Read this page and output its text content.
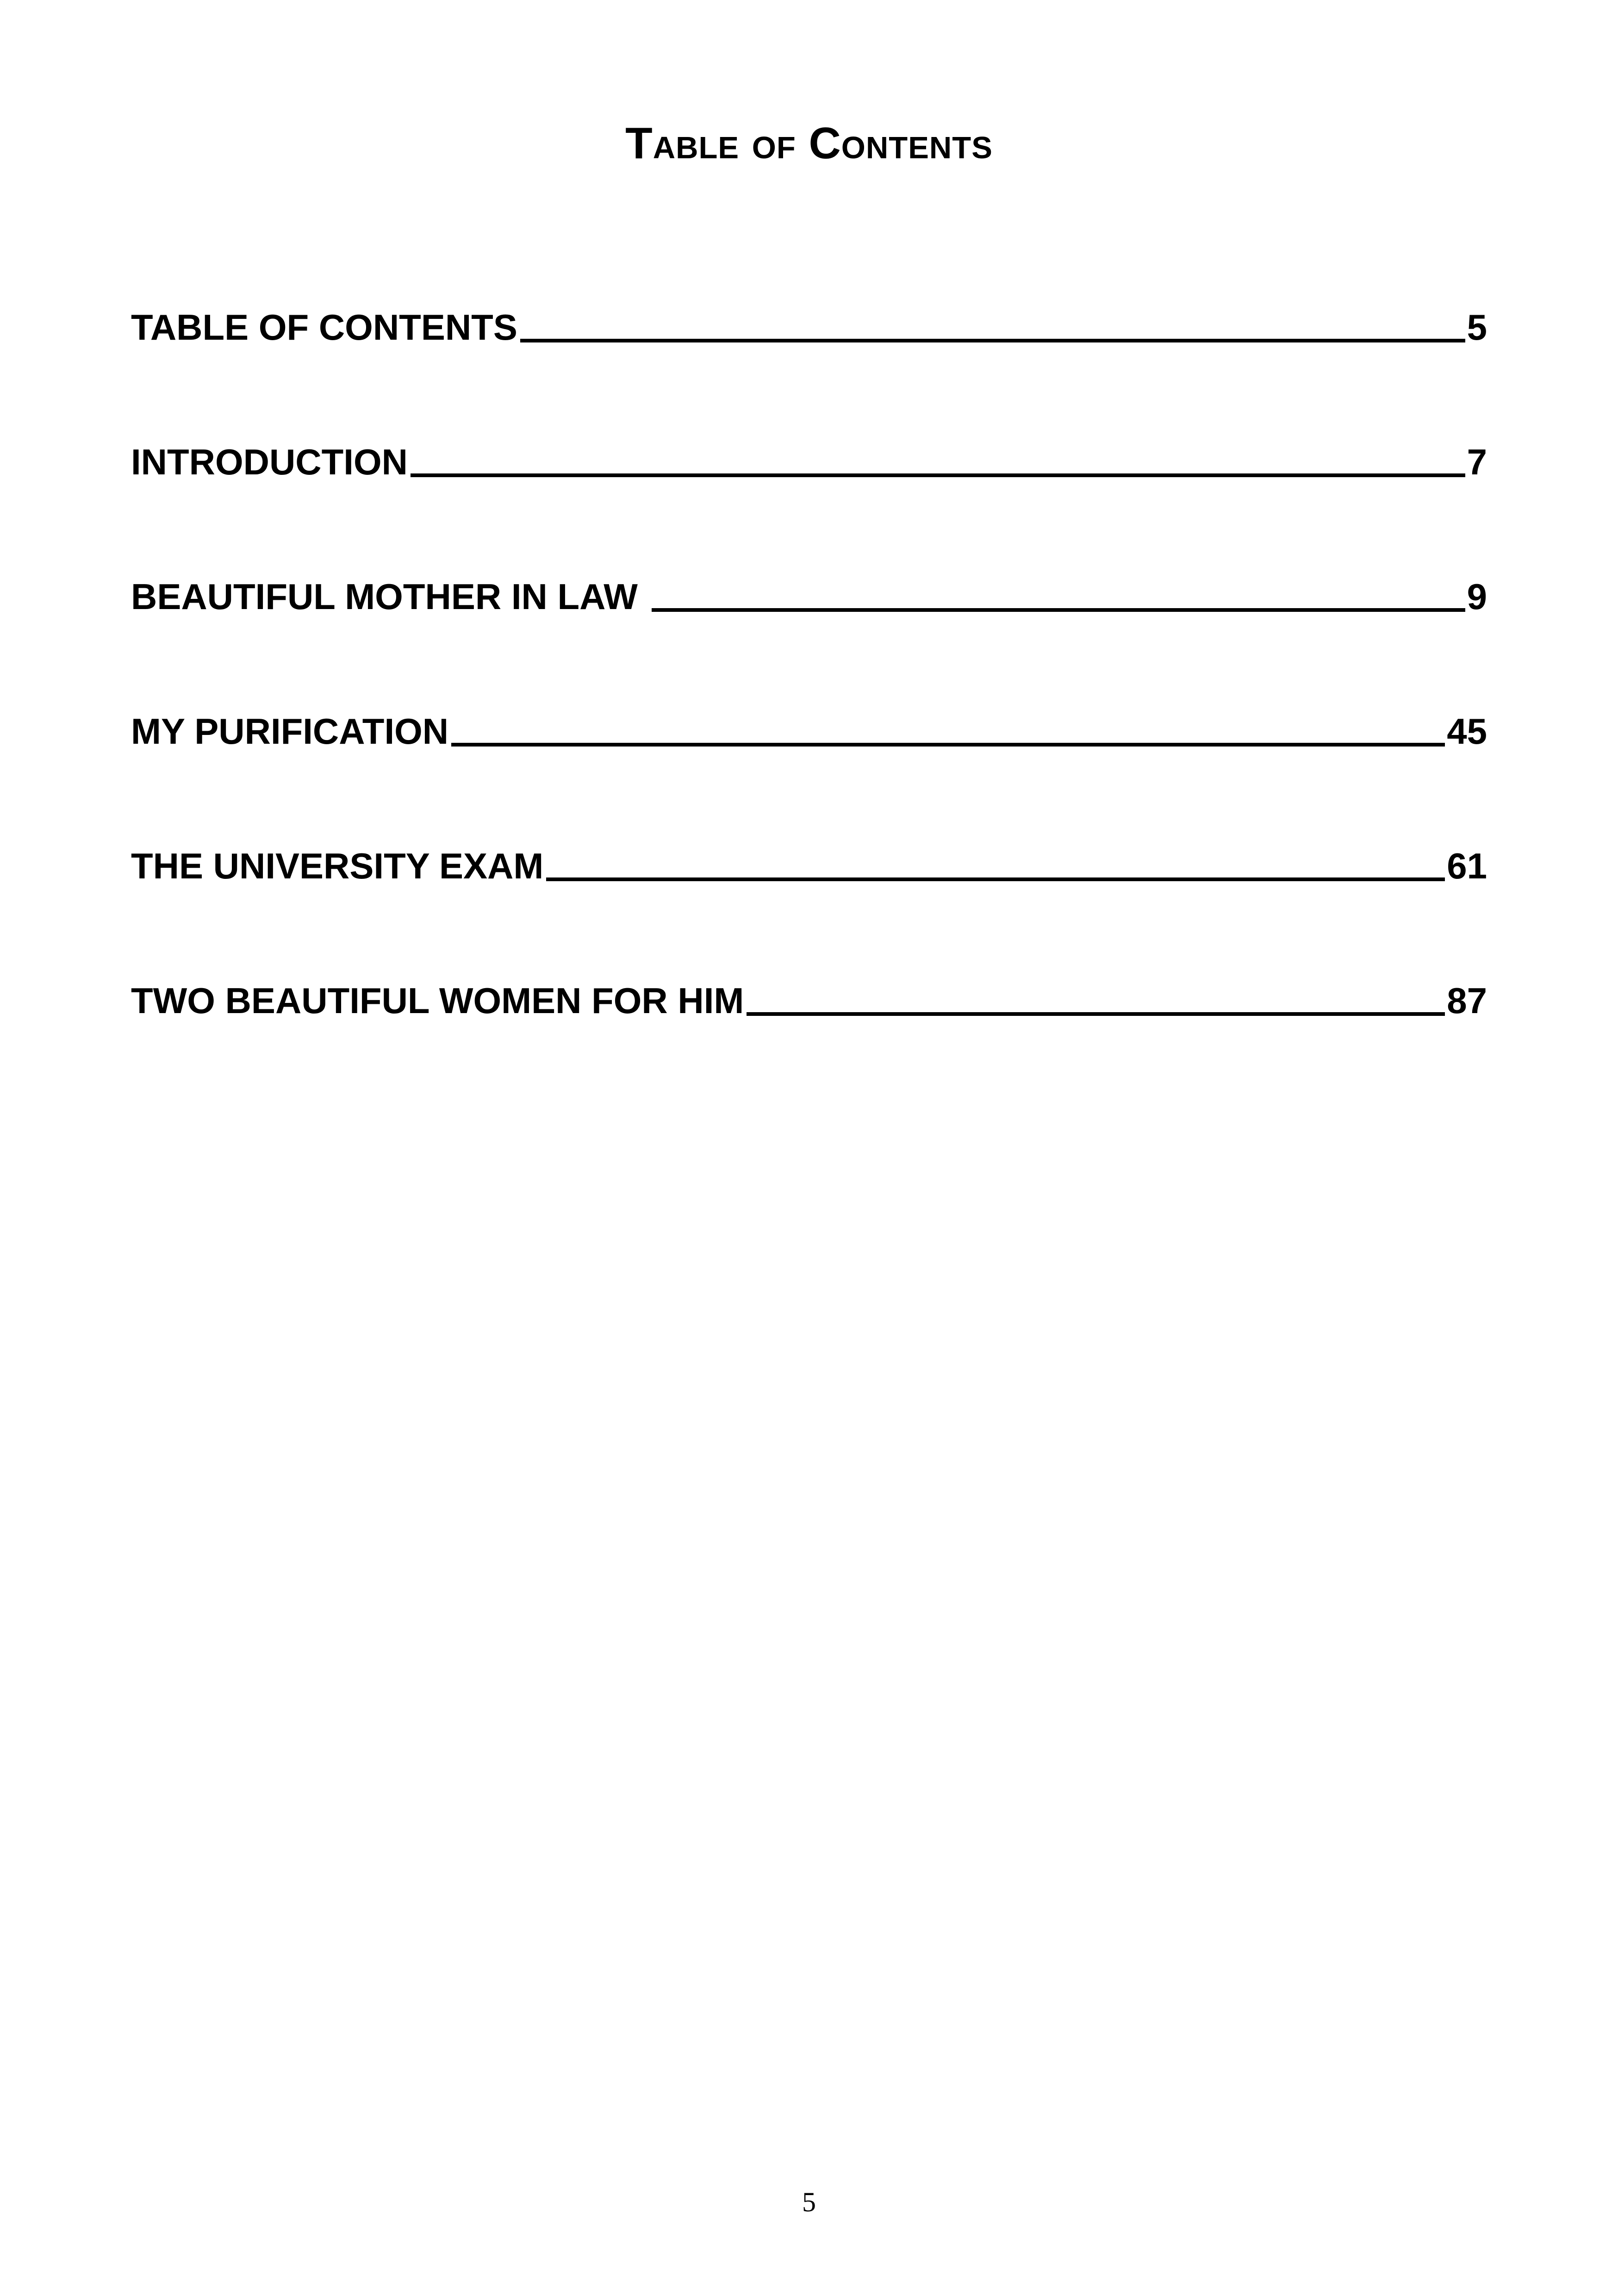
Table of Contents
TABLE OF CONTENTS	5
INTRODUCTION	7
BEAUTIFUL MOTHER IN LAW	9
MY PURIFICATION	45
THE UNIVERSITY EXAM	61
TWO BEAUTIFUL WOMEN FOR HIM	87
5
